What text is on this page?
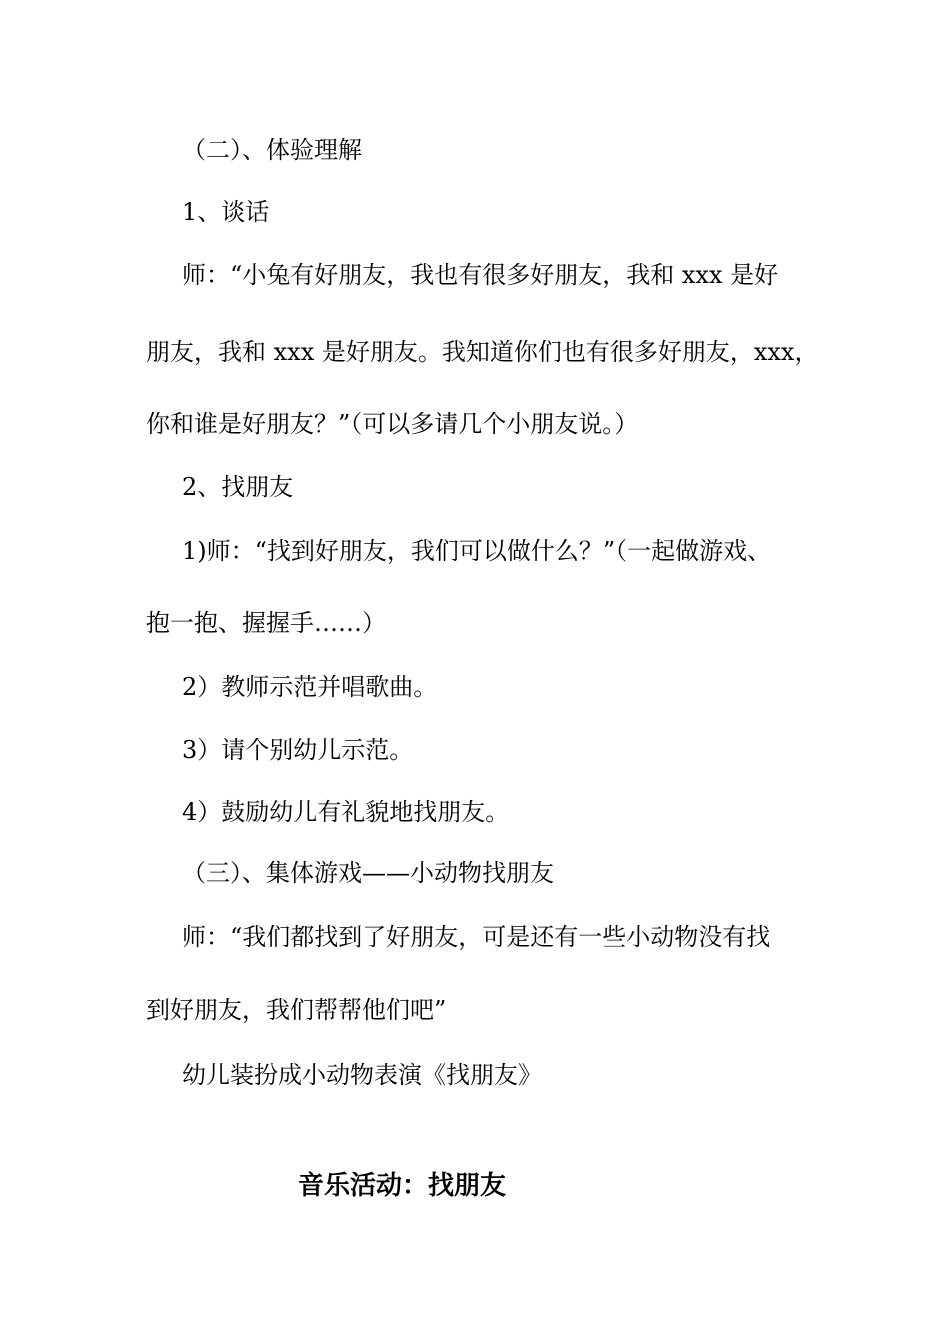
（二）、体验理解

1、谈话

师：“小兔有好朋友，我也有很多好朋友，我和 xxx 是好

朋友，我和 xxx 是好朋友。我知道你们也有很多好朋友，xxx，

你和谁是好朋友？”（可以多请几个小朋友说。）

2、找朋友

1)师：“找到好朋友，我们可以做什么？”（一起做游戏、

抱一抱、握握手……）

2）教师示范并唱歌曲。

3）请个别幼儿示范。

4）鼓励幼儿有礼貌地找朋友。

（三）、集体游戏——小动物找朋友

师：“我们都找到了好朋友，可是还有一些小动物没有找

到好朋友，我们帮帮他们吧”

幼儿装扮成小动物表演《找朋友》

音乐活动：找朋友
